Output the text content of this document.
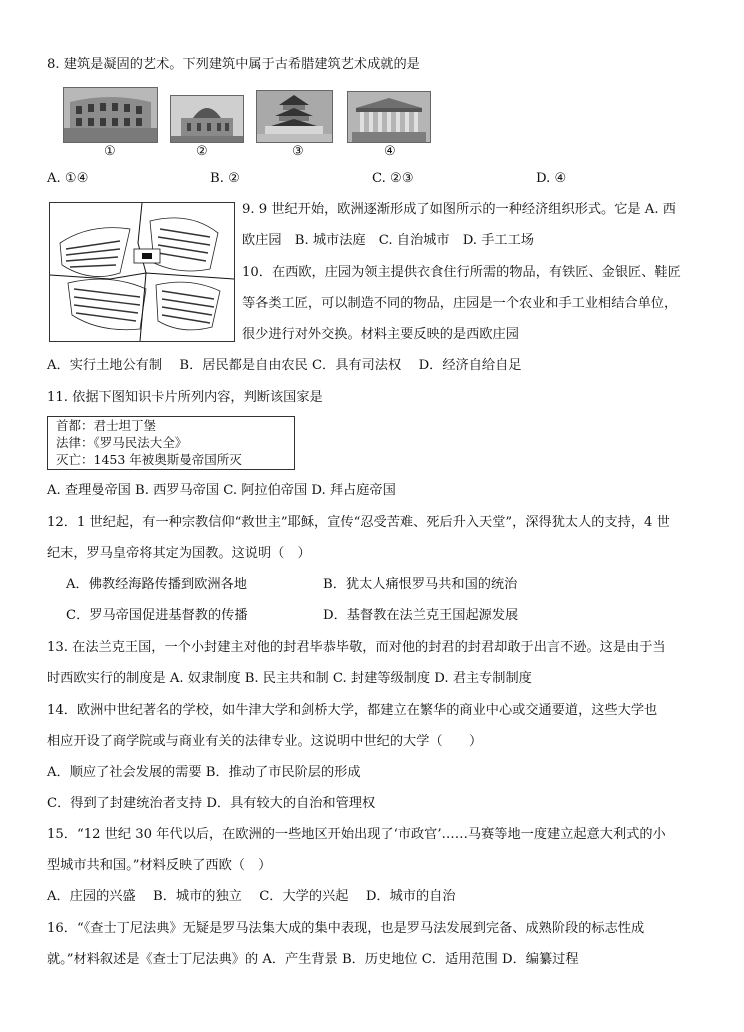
8. 建筑是凝固的艺术。下列建筑中属于古希腊建筑艺术成就的是
①	②	③	④
A. ①④	B. ②	C. ②③	D. ④
9. 9 世纪开始，欧洲逐渐形成了如图所示的一种经济组织形式。它是 A. 西
欧庄园　B. 城市法庭　C. 自治城市　D. 手工工场
10．在西欧，庄园为领主提供衣食住行所需的物品，有铁匠、金银匠、鞋匠
等各类工匠，可以制造不同的物品，庄园是一个农业和手工业相结合单位，
很少进行对外交换。材料主要反映的是西欧庄园
A．实行土地公有制　 B．居民都是自由农民 C．具有司法权　 D．经济自给自足
11. 依据下图知识卡片所列内容，判断该国家是
首都：君士坦丁堡
法律：《罗马民法大全》
灭亡：1453 年被奥斯曼帝国所灭
A. 查理曼帝国 B. 西罗马帝国 C. 阿拉伯帝国 D. 拜占庭帝国
12．1 世纪起，有一种宗教信仰“救世主”耶稣，宣传“忍受苦难、死后升入天堂”，深得犹太人的支持，4 世
纪末，罗马皇帝将其定为国教。这说明（　）
A．佛教经海路传播到欧洲各地	B．犹太人痛恨罗马共和国的统治
C．罗马帝国促进基督教的传播	D．基督教在法兰克王国起源发展
13. 在法兰克王国，一个小封建主对他的封君毕恭毕敬，而对他的封君的封君却敢于出言不逊。这是由于当
时西欧实行的制度是 A. 奴隶制度 B. 民主共和制 C. 封建等级制度 D. 君主专制制度
14．欧洲中世纪著名的学校，如牛津大学和剑桥大学，都建立在繁华的商业中心或交通要道，这些大学也
相应开设了商学院或与商业有关的法律专业。这说明中世纪的大学（　　）
A．顺应了社会发展的需要 B．推动了市民阶层的形成
C．得到了封建统治者支持 D．具有较大的自治和管理权
15．“12 世纪 30 年代以后，在欧洲的一些地区开始出现了‘市政官’……马赛等地一度建立起意大利式的小
型城市共和国。”材料反映了西欧（　）
A．庄园的兴盛　 B．城市的独立　 C．大学的兴起　 D．城市的自治
16．“《查士丁尼法典》无疑是罗马法集大成的集中表现，也是罗马法发展到完备、成熟阶段的标志性成
就。”材料叙述是《查士丁尼法典》的 A．产生背景 B．历史地位 C．适用范围 D．编纂过程
